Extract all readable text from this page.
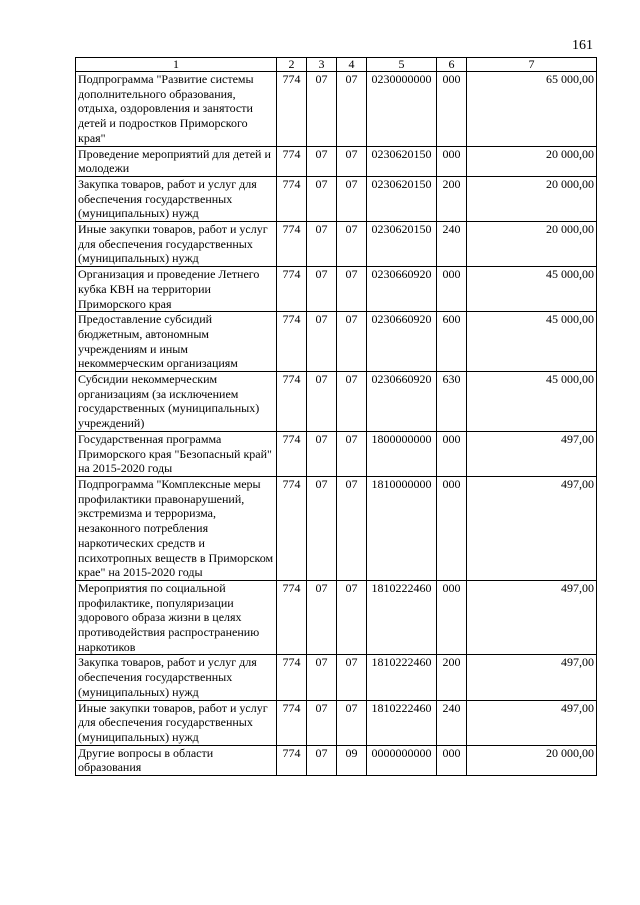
161
1	2	3	4	5	6	7
Подпрограмма "Развитие системы дополнительного образования, отдыха, оздоровления и занятости детей и подростков Приморского края"	774	07	07	0230000000	000	65 000,00
Проведение мероприятий для детей и молодежи	774	07	07	0230620150	000	20 000,00
Закупка товаров, работ и услуг для обеспечения государственных (муниципальных) нужд	774	07	07	0230620150	200	20 000,00
Иные закупки товаров, работ и услуг для обеспечения государственных (муниципальных) нужд	774	07	07	0230620150	240	20 000,00
Организация и проведение Летнего кубка КВН на территории Приморского края	774	07	07	0230660920	000	45 000,00
Предоставление субсидий бюджетным, автономным учреждениям и иным некоммерческим организациям	774	07	07	0230660920	600	45 000,00
Субсидии некоммерческим организациям (за исключением государственных (муниципальных) учреждений)	774	07	07	0230660920	630	45 000,00
Государственная программа Приморского края "Безопасный край" на 2015-2020 годы	774	07	07	1800000000	000	497,00
Подпрограмма "Комплексные меры профилактики правонарушений, экстремизма и терроризма, незаконного потребления наркотических средств и психотропных веществ в Приморском крае" на 2015-2020 годы	774	07	07	1810000000	000	497,00
Мероприятия по социальной профилактике, популяризации здорового образа жизни в целях противодействия распространению наркотиков	774	07	07	1810222460	000	497,00
Закупка товаров, работ и услуг для обеспечения государственных (муниципальных) нужд	774	07	07	1810222460	200	497,00
Иные закупки товаров, работ и услуг для обеспечения государственных (муниципальных) нужд	774	07	07	1810222460	240	497,00
Другие вопросы в области образования	774	07	09	0000000000	000	20 000,00
